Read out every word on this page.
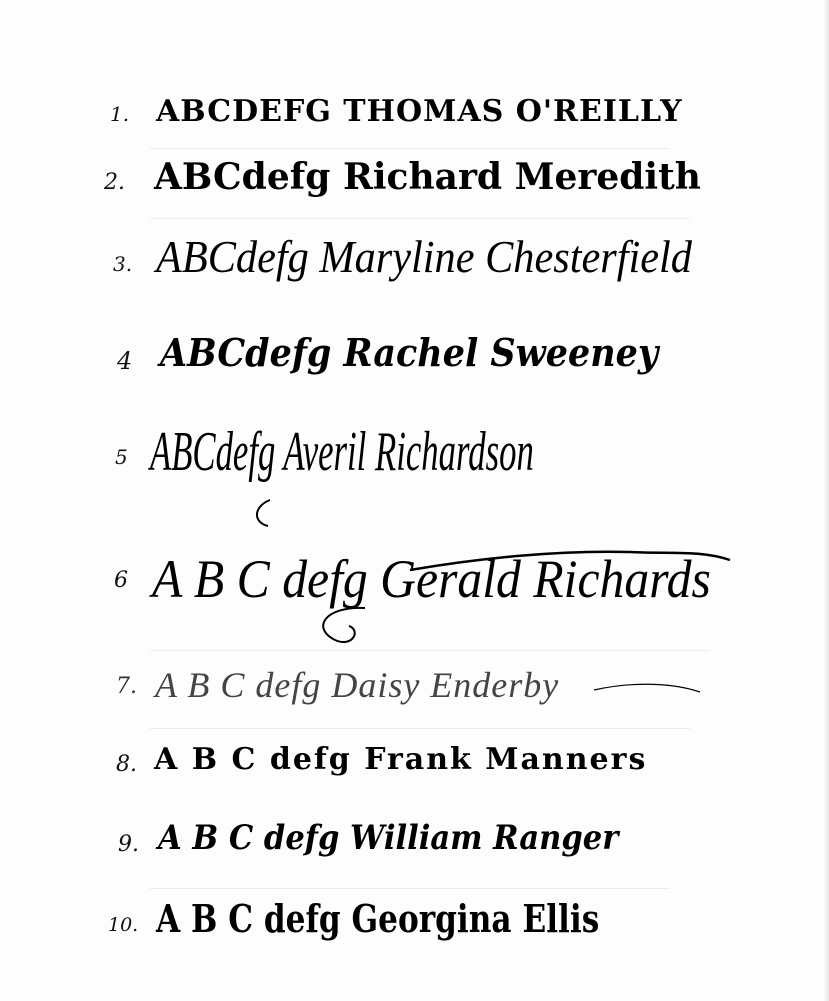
1. ABCDEFG THOMAS O'REILLY
2. ABCdefg Richard Meredith
3. ABCdefg Maryline Chesterfield
4 ABCdefg Rachel Sweeney
5 ABCdefg Averil Richardson
6 A B C defg Gerald Richards
7. A B C defg Daisy Enderby
8. A B C defg Frank Manners
9. A B C defg William Ranger
10. A B C defg Georgina Ellis
